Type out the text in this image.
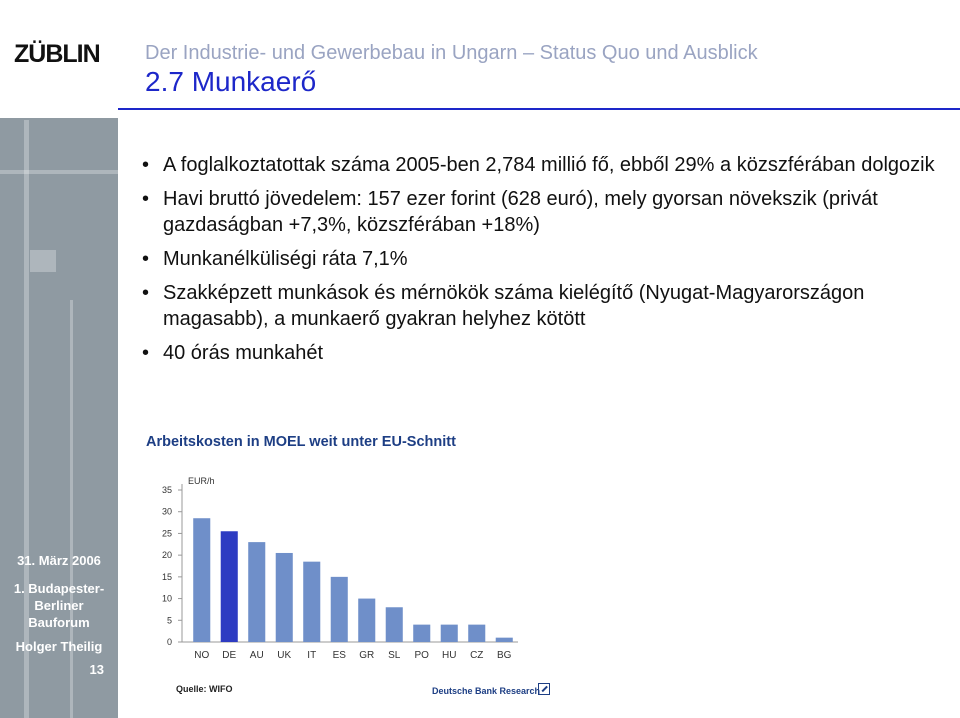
ZÜBLIN
31. März 2006
1. Budapester-
Berliner
Bauforum
Holger Theilig
13
Der Industrie- und Gewerbebau in Ungarn – Status Quo und Ausblick
2.7 Munkaerő
• A foglalkoztatottak száma 2005-ben 2,784 millió fő, ebből 29% a közszférában dolgozik
• Havi bruttó jövedelem: 157 ezer forint (628 euró), mely gyorsan növekszik (privát gazdaságban +7,3%, közszférában +18%)
• Munkanélküliségi ráta 7,1%
• Szakképzett munkások és mérnökök száma kielégítő (Nyugat-Magyarországon magasabb), a munkaerő gyakran helyhez kötött
• 40 órás munkahét
Arbeitskosten in MOEL weit unter EU-Schnitt
0
5
10
15
20
25
30
35
EUR/h
NO DE AU UK IT ES GR SL PO HU CZ BG
Quelle: WIFO	Deutsche Bank Research
